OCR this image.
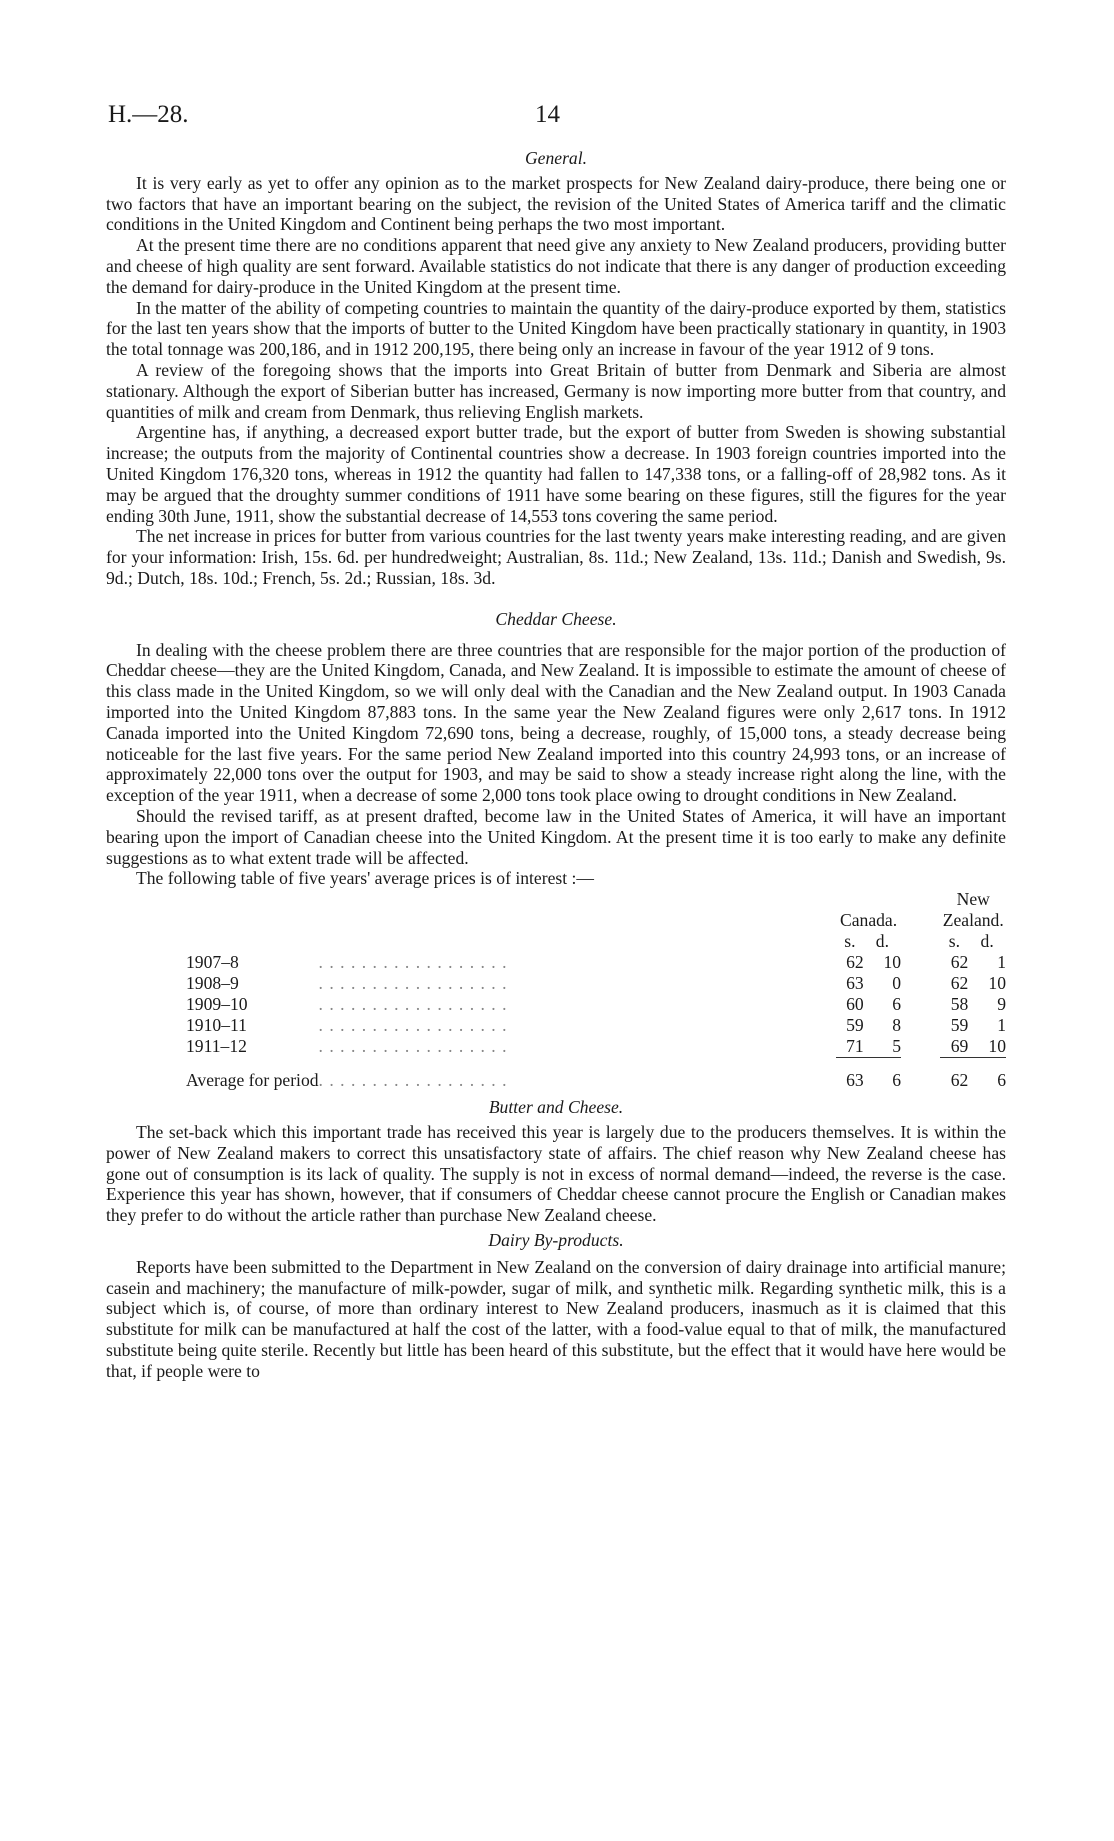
H.—28.	14
General.

It is very early as yet to offer any opinion as to the market prospects for New Zealand dairy-produce, there being one or two factors that have an important bearing on the subject, the revision of the United States of America tariff and the climatic conditions in the United Kingdom and Continent being perhaps the two most important.

At the present time there are no conditions apparent that need give any anxiety to New Zealand producers, providing butter and cheese of high quality are sent forward. Available statistics do not indicate that there is any danger of production exceeding the demand for dairy-produce in the United Kingdom at the present time.

In the matter of the ability of competing countries to maintain the quantity of the dairy-produce exported by them, statistics for the last ten years show that the imports of butter to the United Kingdom have been practically stationary in quantity, in 1903 the total tonnage was 200,186, and in 1912 200,195, there being only an increase in favour of the year 1912 of 9 tons.

A review of the foregoing shows that the imports into Great Britain of butter from Denmark and Siberia are almost stationary. Although the export of Siberian butter has increased, Germany is now importing more butter from that country, and quantities of milk and cream from Denmark, thus relieving English markets.

Argentine has, if anything, a decreased export butter trade, but the export of butter from Sweden is showing substantial increase; the outputs from the majority of Continental countries show a decrease. In 1903 foreign countries imported into the United Kingdom 176,320 tons, whereas in 1912 the quantity had fallen to 147,338 tons, or a falling-off of 28,982 tons. As it may be argued that the droughty summer conditions of 1911 have some bearing on these figures, still the figures for the year ending 30th June, 1911, show the substantial decrease of 14,553 tons covering the same period.

The net increase in prices for butter from various countries for the last twenty years make interesting reading, and are given for your information: Irish, 15s. 6d. per hundredweight; Australian, 8s. 11d.; New Zealand, 13s. 11d.; Danish and Swedish, 9s. 9d.; Dutch, 18s. 10d.; French, 5s. 2d.; Russian, 18s. 3d.

Cheddar Cheese.

In dealing with the cheese problem there are three countries that are responsible for the major portion of the production of Cheddar cheese—they are the United Kingdom, Canada, and New Zealand. It is impossible to estimate the amount of cheese of this class made in the United Kingdom, so we will only deal with the Canadian and the New Zealand output. In 1903 Canada imported into the United Kingdom 87,883 tons. In the same year the New Zealand figures were only 2,617 tons. In 1912 Canada imported into the United Kingdom 72,690 tons, being a decrease, roughly, of 15,000 tons, a steady decrease being noticeable for the last five years. For the same period New Zealand imported into this country 24,993 tons, or an increase of approximately 22,000 tons over the output for 1903, and may be said to show a steady increase right along the line, with the exception of the year 1911, when a decrease of some 2,000 tons took place owing to drought conditions in New Zealand.

Should the revised tariff, as at present drafted, become law in the United States of America, it will have an important bearing upon the import of Canadian cheese into the United Kingdom. At the present time it is too early to make any definite suggestions as to what extent trade will be affected.

The following table of five years' average prices is of interest :—

		Canada.			New Zealand.	
		s.	d.		s.	d.
1907–8	. . . . . . . . . . . . . . . . . .	62	10		62	1
1908–9	. . . . . . . . . . . . . . . . . .	63	0		62	10
1909–10	. . . . . . . . . . . . . . . . . .	60	6		58	9
1910–11	. . . . . . . . . . . . . . . . . .	59	8		59	1
1911–12	. . . . . . . . . . . . . . . . . .	71	5		69	10
Average for period	. . . . . . . . . . . . . . . . . .	63	6		62	6
Butter and Cheese.

The set-back which this important trade has received this year is largely due to the producers themselves. It is within the power of New Zealand makers to correct this unsatisfactory state of affairs. The chief reason why New Zealand cheese has gone out of consumption is its lack of quality. The supply is not in excess of normal demand—indeed, the reverse is the case. Experience this year has shown, however, that if consumers of Cheddar cheese cannot procure the English or Canadian makes they prefer to do without the article rather than purchase New Zealand cheese.

Dairy By-products.

Reports have been submitted to the Department in New Zealand on the conversion of dairy drainage into artificial manure; casein and machinery; the manufacture of milk-powder, sugar of milk, and synthetic milk. Regarding synthetic milk, this is a subject which is, of course, of more than ordinary interest to New Zealand producers, inasmuch as it is claimed that this substitute for milk can be manufactured at half the cost of the latter, with a food-value equal to that of milk, the manufactured substitute being quite sterile. Recently but little has been heard of this substitute, but the effect that it would have here would be that, if people were to
